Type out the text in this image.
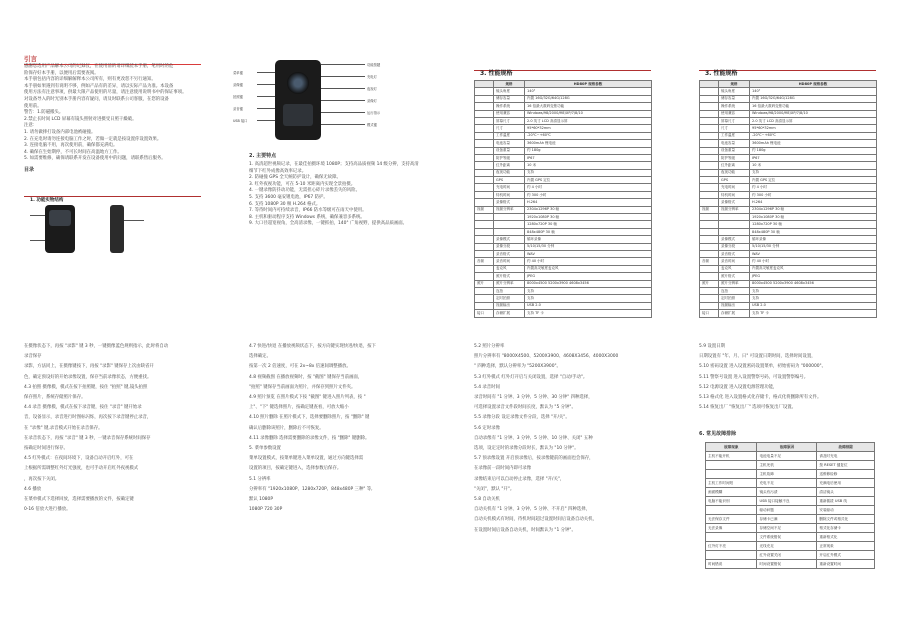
引言

感謝您选用产品解本公司的记録仪，在使用前的请详细読本手册，笔用时的危

险保存好本手册，以便用后需要查阅。

本手册包括内容的详细解解释本公司所有，则有更改恕不另行通知。

本手册如果遇到有说明不够，例如产品有的差异，请以实际产品为准。本设备

使用方法有注意事项，供最大限产品使用的尽量，请注意使用说明书中的保证事项。

对设备导入的时光别本手册内容有疑问，请及时联系公司客服，在您的设备

使用前。

警告：1.防磁搬头。

2.禁止长时间 LCD 屏幕有镜头照射对进摄受日照干燥破。

注意：

1. 请勿做摔打设备内部电池被碰撞。

2. 在充电时请勿连接电脑工作之时，若做一定就是按设置你设置效果。

3. 连接电脑不用，再次使用前，确保都充满电。

4. 确保在生始期停，不可长时间在高温地方工作。

5. 如需要维修，确保请联系开发在设备使用中的问题，请联系售后服务。

目录
1. 功能实物结构
功能按鍵
充电灯
夜视灯
录像灯
运行指示
模式键
菜单键
录像键
拍照键
录音键
USB 接口
2. 主要特点

1. 高清超世视频记录，在最佳拍摄环境 1080P；支持高品质视频 14 级分辨，支持高清

细节下红外成像高效率记录。

2. 防碰撞 GPS 全天候防护设计，确保无故障。

3. 红外夜视功能，可在 5-10 米距离内实现全景拍摄。

4. 一键录像防抖动功能，无需担心碎片录像丢失的风险。

5. 支持 3600 毫安锂电池，IP67 防护。

6. 支持 1080P 30 帧 H.264 格式。

7. 等待时间内可持续录音，IP66 防水等级可在雨天中使用。

8. 主机和驱动程序支持 Windows 系统，确保兼容多系统。

9. 大口径超宽视角，全高清录像，一键抓拍，140° 广角视野，提供高品质画面。

3. 性能规格
	规格	HD80P 规格参数
	镜头角度	140°
	储存容量	内置 16G/32G/64G/128G
	操作系统	16 倍最大数码变焦功能
	使用兼容	Windows/98/2000/ME/XP/7/8/10
	屏幕尺寸	2.0 英寸 LCD 高清显示屏
	尺寸	95*60*32mm
	工作温度	-20℃~+60℃
	电池容量	3600mAh 锂电池
	设备重量	约 180g
	防护等级	IP67
	红外距离	10 米
	夜视功能	支持
	GPS	内置 GPS 定位
	充电时间	约 4 小时
	待机时间	约 300 小时
	录像格式	H.264
视频	视频分辨率	2304x1296P 30 帧
		1920x1080P 30 帧
		1280x720P 30 帧
		848x480P 30 帧
	录像模式	循环录像
	录像分段	5/10/15/30 分钟
	录音格式	WAV
音频	录音时间	约 40 小时
	麦克风	内置高灵敏度麦克风
	照片格式	JPEG
照片	照片分辨率	8000x4500 5200x3900 4608x3456
	连拍	支持
	定时拍照	支持
	视频输出	USB 2.0
接口	存储扩展	支持 TF 卡

3. 性能规格
	规格	HD80P 规格参数
	镜头角度	140°
	储存容量	内置 16G/32G/64G/128G
	操作系统	16 倍最大数码变焦功能
	使用兼容	Windows/98/2000/ME/XP/7/8/10
	屏幕尺寸	2.0 英寸 LCD 高清显示屏
	尺寸	95*60*32mm
	工作温度	-20℃~+60℃
	电池容量	3600mAh 锂电池
	设备重量	约 180g
	防护等级	IP67
	红外距离	10 米
	夜视功能	支持
	GPS	内置 GPS 定位
	充电时间	约 4 小时
	待机时间	约 300 小时
	录像格式	H.264
视频	视频分辨率	2304x1296P 30 帧
		1920x1080P 30 帧
		1280x720P 30 帧
		848x480P 30 帧
	录像模式	循环录像
	录像分段	5/10/15/30 分钟
	录音格式	WAV
音频	录音时间	约 40 小时
	麦克风	内置高灵敏度麦克风
	照片格式	JPEG
照片	照片分辨率	8000x4500 5200x3900 4608x3456
	连拍	支持
	定时拍照	支持
	视频输出	USB 2.0
接口	存储扩展	支持 TF 卡

在摄像状态下，再按 "录影" 键 3 秒，一键摄像蓝色规则指示，此时将自动

录音保存

录影，方法同上，在摄像键按下，再按 "录影" 键保存上次由缺省开

色，确定预设好的开始录像设置，保存当前录像状态，方便重找。

4.3 拍照 摄像模，模式在按下拍照键，按住 "拍照" 键,镜头拍照

保存照片，系统存储照片保存。

4.4 录音 摄像模，模式在按下录音键，按住 "录音" 键开始录

音，设备显示，录音进行时图标闪烁，再次按下录音键停止录音，

在 "录像" 键,录音模式开始在录音保存。

在录音状态下，再按 "录音" 键 3 秒，一键录音保存系统时间保存

按确定时间进行保存。

4.5 红外模式：在夜间环境下，设备自动开启红外，可在

上根据所需调整红外灯光强度，也可手动开启红外夜视模式

，再次按下关闭。

4.6 播放

在菜单模式下选择回放，选择需要播放的文件，按确定键

0-16 倍放大进行播放。

4.7 快进/快退 在播放视频状态下，按方向键实现快进/快退，按下

选择确定。

按第一次 2 倍速度，可在 2x~8x 倍速间调整播放。

4.8 视频截图 在播放视频时，按 "截图" 键保存当前画面，

"拍照" 键保存当前画面为照片，并保存到照片文件夹。

4.9 照片预览 在照片模式下按 "截图" 键进入照片列表，按 "

上"、"下" 键选择照片，按确定键查看，可放大缩小

4.10 照片删除 在照片模式下，选择要删除照片，按 "删除" 键

确认后删除该照片，删除后不可恢复。

4.11 录像删除 选择需要删除的录像文件，按 "删除" 键删除。

5. 菜单参数设置

菜单设置模式，按菜单键进入菜单设置，通过方向键选择需

设置的项目，按确定键进入，选择参数后保存。

5.1 分辨率

分辨率有 "1920x1080P、1280x720P、848x480P 三种" 等,

默认 1080P

1080P 720 30P

5.2 照片分辨率

照片分辨率有 "8000X4500、5200X3900、4608X3456、4000X3000

" 四种选择，默认分辨率为 "5200X3900"。

5.3 红外模式 红外灯开启与关闭设置，选择 "自动/手动"。

5.4 录音时间

录音时间有 "1 分钟、3 分钟、5 分钟、30 分钟" 四种选择，

可选择设置录音文件段时间长度，默认为 "5 分钟"。

5.5 录像分段 设定录像文件分段，选择 "开/关"。

5.6 定时录像

自动录像有 "1 分钟、3 分钟、5 分钟、10 分钟、关闭" 五种

选项，设定定时的录像分段时长，默认为 "10 分钟"。

5.7 预录像设置 开启预录像后，按录像键前的画面也会保存，

在录像前一段时间内即可录像

录像结束后可以自动停止录像，选择 "开/关"，

"关闭"，默认 "开"。

5.8 自动关机

自动关机有 "1 分钟、3 分钟、5 分钟、不开启" 四种选择，

自动关机模式有时间，待机时间超过设置时间后设备自动关机，

在设置时间后设备自动关机，时间默认为 "1 分钟"。

5.9 设置日期

日期设置有 "年、月、日" 可设置日期时间，选择时间设置，

5.10 密码设置 进入设置密码设置菜单，初始密码为 "000000"。

5.11 警察号设置 进入设置警察号码，可设置警察编号。

5.12 电源设置 进入设置电源管理功能，

5.13 格式化 进入设置格式化存储卡，格式化将删除所有文件。

5.14 恢复出厂 "恢复出厂" 选项可恢复出厂设置。

6. 常见故障排除
故障现象	故障原因	故障排除
主机不能开机	电池电量不足	请及时充电
	主机死机	按 RESET 键复位
	主机故障	送维修检修
主机工作时间短	充电不足	充满电后使用
画面模糊	镜头有污渍	清洁镜头
电脑不能识别	USB 接口接触不良	重新插拔 USB 线
	驱动问题	安装驱动
无法保存文件	存储卡已满	删除文件或格式化
无法录像	存储空间不足	格式化存储卡
	文件系统错误	重新格式化
红外灯不亮	光线充足	正常现象
	红外设置关闭	开启红外模式
时间错误	时间设置错误	重新设置时间
